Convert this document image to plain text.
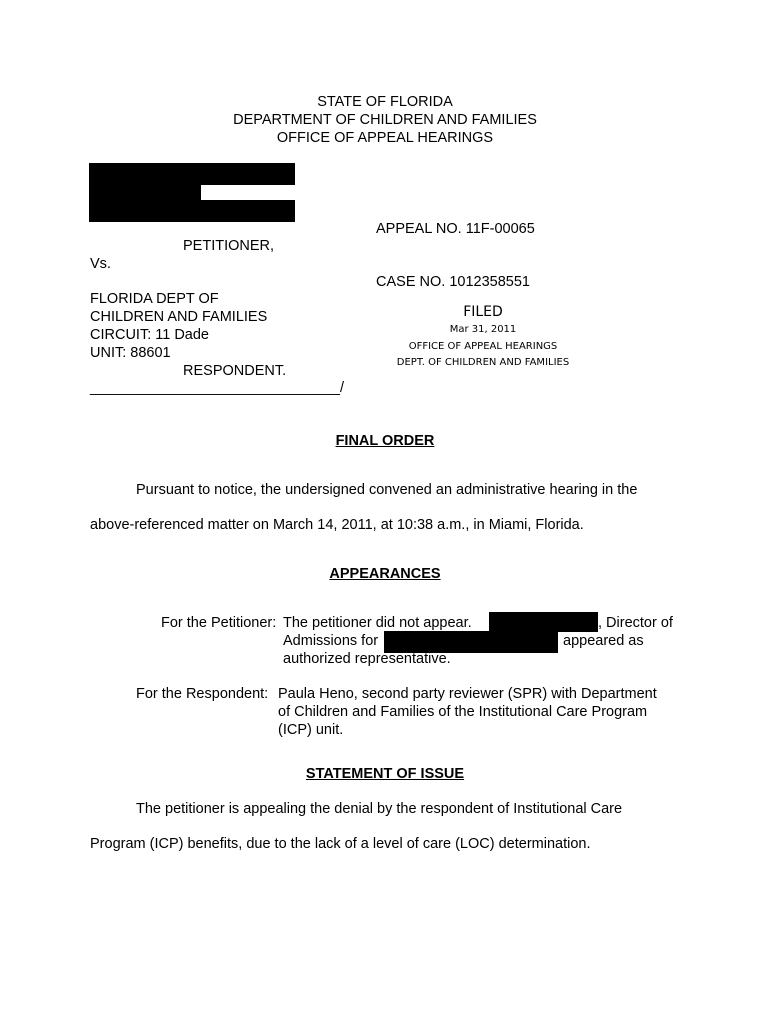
STATE OF FLORIDA
DEPARTMENT OF CHILDREN AND FAMILIES
OFFICE OF APPEAL HEARINGS
PETITIONER,
Vs.
FLORIDA DEPT OF
CHILDREN AND FAMILIES
CIRCUIT: 11 Dade
UNIT: 88601
RESPONDENT.
_______________________________/
APPEAL NO. 11F-00065
CASE NO. 1012358551
FILED
Mar 31, 2011
OFFICE OF APPEAL HEARINGS
DEPT. OF CHILDREN AND FAMILIES
FINAL ORDER
Pursuant to notice, the undersigned convened an administrative hearing in the
above-referenced matter on March 14, 2011, at 10:38 a.m., in Miami, Florida.
APPEARANCES
For the Petitioner: The petitioner did not appear.	, Director of
Admissions for	appeared as
authorized representative.
For the Respondent: Paula Heno, second party reviewer (SPR) with Department
of Children and Families of the Institutional Care Program
(ICP) unit.
STATEMENT OF ISSUE
The petitioner is appealing the denial by the respondent of Institutional Care
Program (ICP) benefits, due to the lack of a level of care (LOC) determination.
